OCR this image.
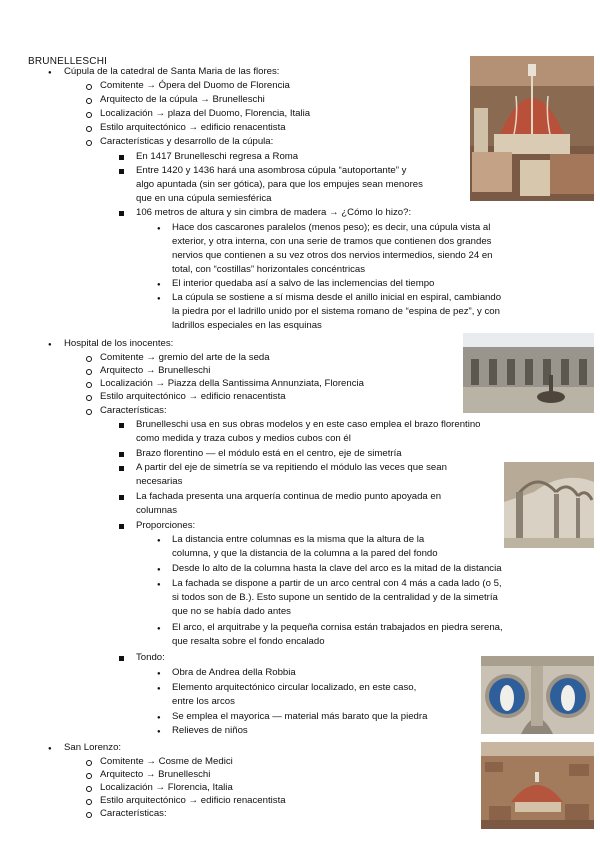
BRUNELLESCHI
● Cúpula de la catedral de Santa Maria de las flores:
Comitente → Ópera del Duomo de Florencia
Arquitecto de la cúpula → Brunelleschi
Localización → plaza del Duomo, Florencia, Italia
Estilo arquitectónico → edificio renacentista
Características y desarrollo de la cúpula:
En 1417 Brunelleschi regresa a Roma
Entre 1420 y 1436 hará una asombrosa cúpula “autoportante” y
algo apuntada (sin ser gótica), para que los empujes sean menores
que en una cúpula semiesférica
106 metros de altura y sin cimbra de madera → ¿Cómo lo hizo?:
● Hace dos cascarones paralelos (menos peso); es decir, una cúpula vista al
exterior, y otra interna, con una serie de tramos que contienen dos grandes
nervios que contienen a su vez otros dos nervios intermedios, siendo 24 en
total, con “costillas” horizontales concéntricas
● El interior quedaba así a salvo de las inclemencias del tiempo
● La cúpula se sostiene a sí misma desde el anillo inicial en espiral, cambiando
la piedra por el ladrillo unido por el sistema romano de “espina de pez”, y con
ladrillos especiales en las esquinas
● Hospital de los inocentes:
Comitente → gremio del arte de la seda
Arquitecto → Brunelleschi
Localización → Piazza della Santissima Annunziata, Florencia
Estilo arquitectónico → edificio renacentista
Características:
Brunelleschi usa en sus obras modelos y en este caso emplea el brazo florentino
como medida y traza cubos y medios cubos con él
Brazo florentino — el módulo está en el centro, eje de simetría
A partir del eje de simetría se va repitiendo el módulo las veces que sean
necesarias
La fachada presenta una arquería continua de medio punto apoyada en
columnas
Proporciones:
● La distancia entre columnas es la misma que la altura de la
columna, y que la distancia de la columna a la pared del fondo
● Desde lo alto de la columna hasta la clave del arco es la mitad de la distancia
● La fachada se dispone a partir de un arco central con 4 más a cada lado (o 5,
si todos son de B.). Esto supone un sentido de la centralidad y de la simetría
que no se había dado antes
● El arco, el arquitrabe y la pequeña cornisa están trabajados en piedra serena,
que resalta sobre el fondo encalado
Tondo:
● Obra de Andrea della Robbia
● Elemento arquitectónico circular localizado, en este caso,
entre los arcos
● Se emplea el mayorica — material más barato que la piedra
● Relieves de niños
● San Lorenzo:
Comitente → Cosme de Medici
Arquitecto → Brunelleschi
Localización → Florencia, Italia
Estilo arquitectónico → edificio renacentista
Características:
